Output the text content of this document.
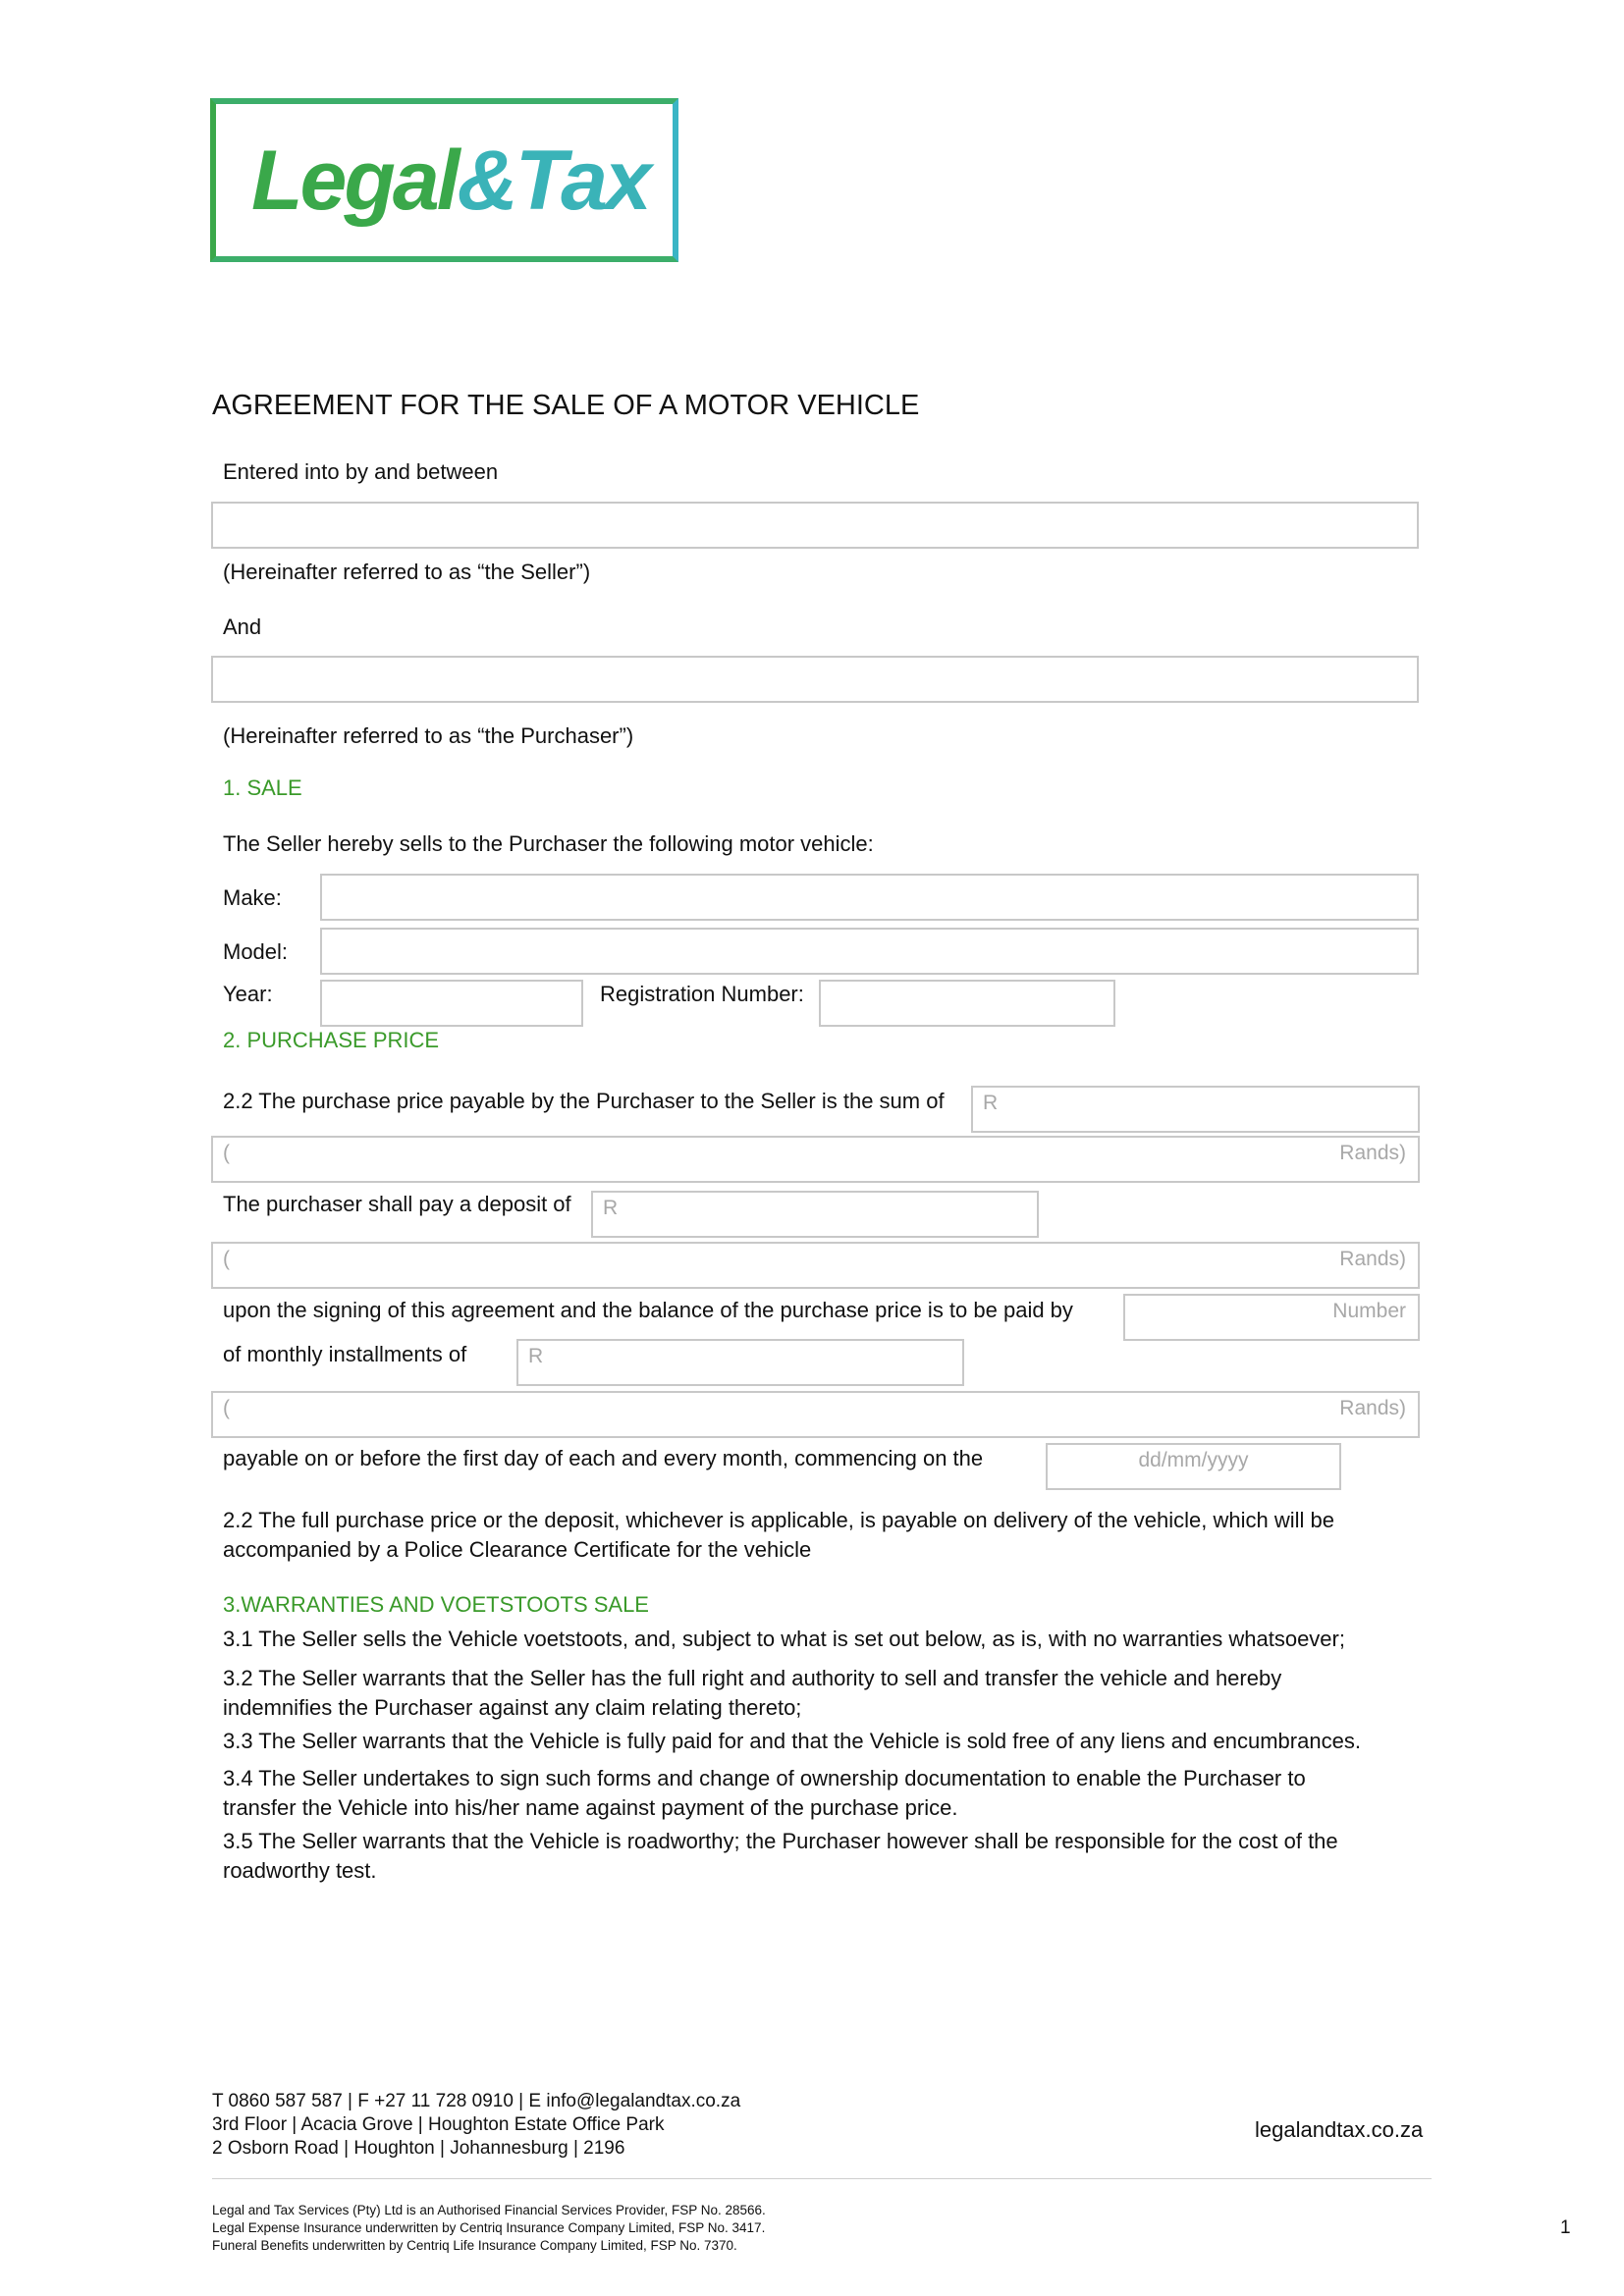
Legal&Tax
AGREEMENT FOR THE SALE OF A MOTOR VEHICLE
Entered into by and between
(Hereinafter referred to as “the Seller”)
And
(Hereinafter referred to as “the Purchaser”)
1. SALE
The Seller hereby sells to the Purchaser the following motor vehicle:
Make:
Model:
Year:	Registration Number:
2. PURCHASE PRICE
2.2 The purchase price payable by the Purchaser to the Seller is the sum of R
(	Rands)
The purchaser shall pay a deposit of R
(	Rands)
upon the signing of this agreement and the balance of the purchase price is to be paid by	Number
of monthly installments of	R
(	Rands)
payable on or before the first day of each and every month, commencing on the	dd/mm/yyyy
2.2 The full purchase price or the deposit, whichever is applicable, is payable on delivery of the vehicle, which will be accompanied by a Police Clearance Certificate for the vehicle
3.WARRANTIES AND VOETSTOOTS SALE
3.1 The Seller sells the Vehicle voetstoots, and, subject to what is set out below, as is, with no warranties whatsoever;
3.2 The Seller warrants that the Seller has the full right and authority to sell and transfer the vehicle and hereby indemnifies the Purchaser against any claim relating thereto;
3.3 The Seller warrants that the Vehicle is fully paid for and that the Vehicle is sold free of any liens and encumbrances.
3.4 The Seller undertakes to sign such forms and change of ownership documentation to enable the Purchaser to transfer the Vehicle into his/her name against payment of the purchase price.
3.5 The Seller warrants that the Vehicle is roadworthy; the Purchaser however shall be responsible for the cost of the roadworthy test.
T 0860 587 587 | F +27 11 728 0910 | E info@legalandtax.co.za
3rd Floor | Acacia Grove | Houghton Estate Office Park
2 Osborn Road | Houghton | Johannesburg | 2196
legalandtax.co.za
Legal and Tax Services (Pty) Ltd is an Authorised Financial Services Provider, FSP No. 28566.
Legal Expense Insurance underwritten by Centriq Insurance Company Limited, FSP No. 3417.
Funeral Benefits underwritten by Centriq Life Insurance Company Limited, FSP No. 7370.
1
